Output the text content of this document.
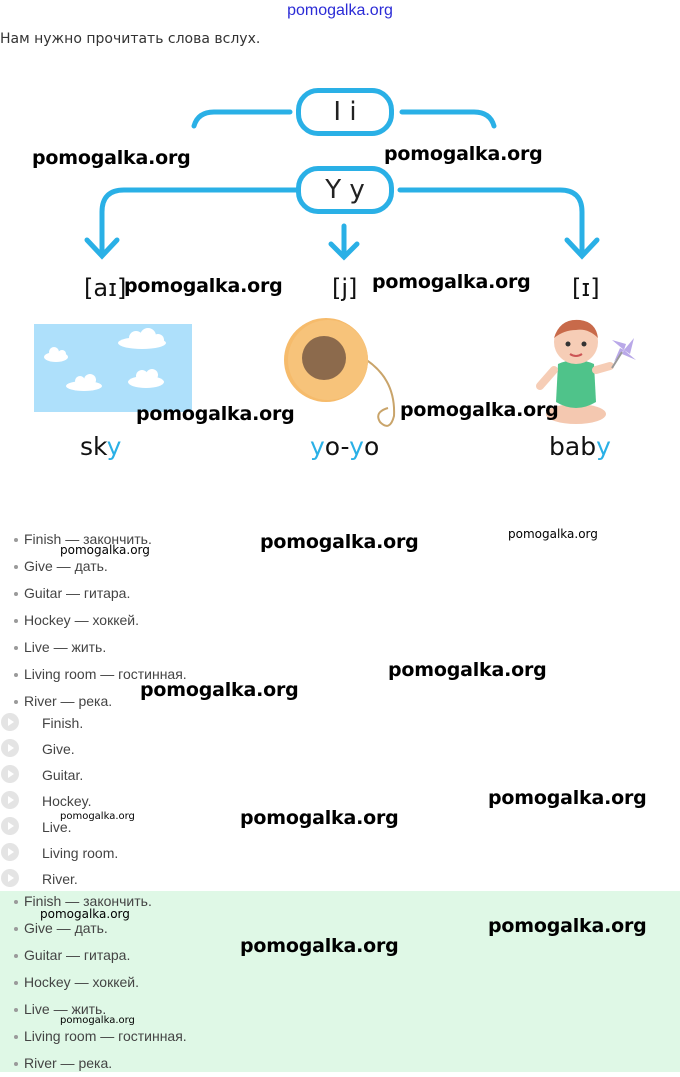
pomogalka.org
Нам нужно прочитать слова вслух.
I i
Y y
[aɪ]	[j]	[ɪ]
sky	yo-yo	baby
Finish — закончить.
Give — дать.
Guitar — гитара.
Hockey — хоккей.
Live — жить.
Living room — гостинная.
River — река.
Finish.
Give.
Guitar.
Hockey.
Live.
Living room.
River.
Finish — закончить.
Give — дать.
Guitar — гитара.
Hockey — хоккей.
Live — жить.
Living room — гостинная.
River — река.
pomogalka.org	pomogalka.org
pomogalka.org	pomogalka.org
pomogalka.org	pomogalka.org
pomogalka.org	pomogalka.org	pomogalka.org
pomogalka.org
pomogalka.org
pomogalka.org
pomogalka.org
pomogalka.org
pomogalka.org
pomogalka.org
pomogalka.org
pomogalka.org
